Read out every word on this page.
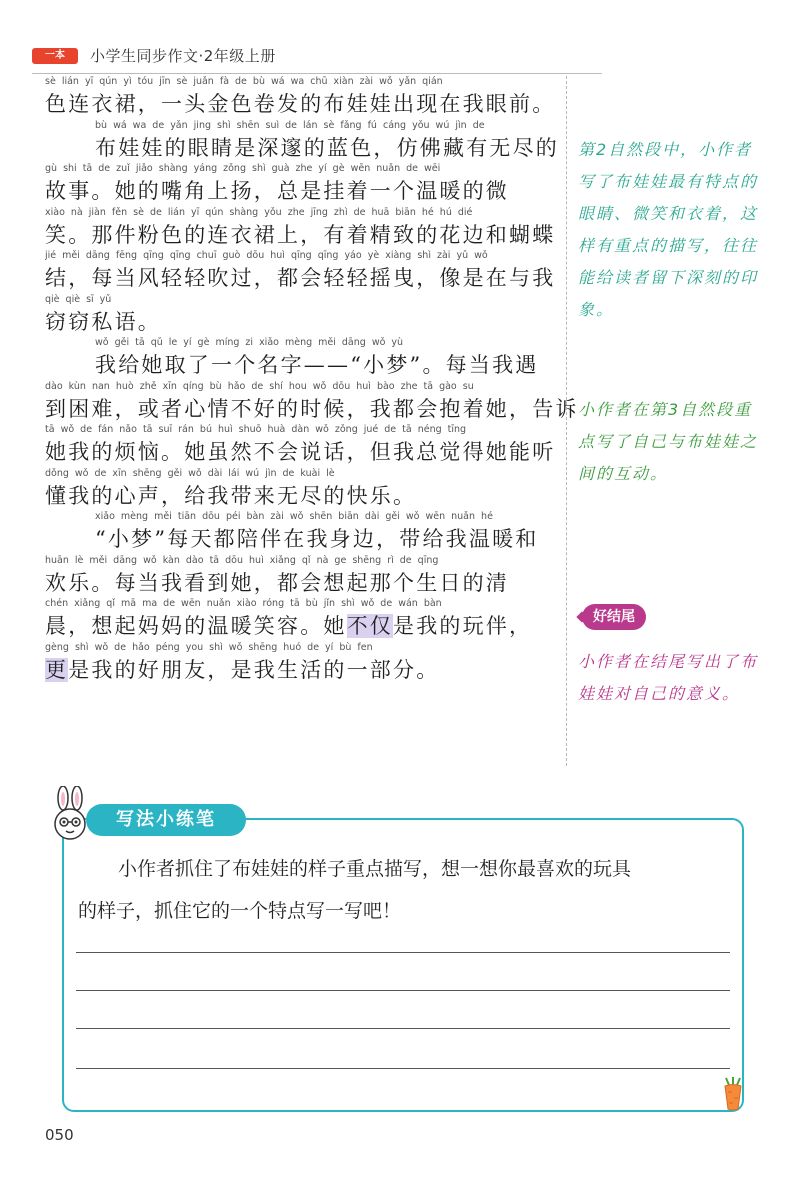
一本	小学生同步作文·2年级上册
sè lián yī qún yì tóu jīn sè juǎn fà de bù wá wa chū xiàn zài wǒ yǎn qián
色连衣裙，一头金色卷发的布娃娃出现在我眼前。
bù wá wa de yǎn jing shì shēn suì de lán sè fǎng fú cáng yǒu wú jìn de
布娃娃的眼睛是深邃的蓝色，仿佛藏有无尽的
gù shi tā de zuǐ jiǎo shàng yáng zǒng shì guà zhe yí gè wēn nuǎn de wēi
故事。她的嘴角上扬，总是挂着一个温暖的微
xiào nà jiàn fěn sè de lián yī qún shàng yǒu zhe jīng zhì de huā biān hé hú dié
笑。那件粉色的连衣裙上，有着精致的花边和蝴蝶
jié měi dāng fēng qīng qīng chuī guò dōu huì qīng qīng yáo yè xiàng shì zài yǔ wǒ
结，每当风轻轻吹过，都会轻轻摇曳，像是在与我
qiè qiè sī yǔ
窃窃私语。
wǒ gěi tā qǔ le yí gè míng zi xiǎo mèng měi dāng wǒ yù
我给她取了一个名字——“小梦”。每当我遇
dào kùn nan huò zhě xīn qíng bù hǎo de shí hou wǒ dōu huì bào zhe tā gào su
到困难，或者心情不好的时候，我都会抱着她，告诉
tā wǒ de fán nǎo tā suī rán bú huì shuō huà dàn wǒ zǒng jué de tā néng tīng
她我的烦恼。她虽然不会说话，但我总觉得她能听
dǒng wǒ de xīn shēng gěi wǒ dài lái wú jìn de kuài lè
懂我的心声，给我带来无尽的快乐。
xiǎo mèng měi tiān dōu péi bàn zài wǒ shēn biān dài gěi wǒ wēn nuǎn hé
“小梦”每天都陪伴在我身边，带给我温暖和
huān lè měi dāng wǒ kàn dào tā dōu huì xiǎng qǐ nà ge shēng rì de qīng
欢乐。每当我看到她，都会想起那个生日的清
chén xiǎng qǐ mā ma de wēn nuǎn xiào róng tā bù jǐn shì wǒ de wán bàn
晨，想起妈妈的温暖笑容。她不仅是我的玩伴，
gèng shì wǒ de hǎo péng you shì wǒ shēng huó de yí bù fen
更是我的好朋友，是我生活的一部分。
第2自然段中，小作者写了布娃娃最有特点的眼睛、微笑和衣着，这样有重点的描写，往往能给读者留下深刻的印象。
小作者在第3自然段重点写了自己与布娃娃之间的互动。
好结尾
小作者在结尾写出了布娃娃对自己的意义。
小作者抓住了布娃娃的样子重点描写，想一想你最喜欢的玩具
的样子，抓住它的一个特点写一写吧！
写法小练笔
050
